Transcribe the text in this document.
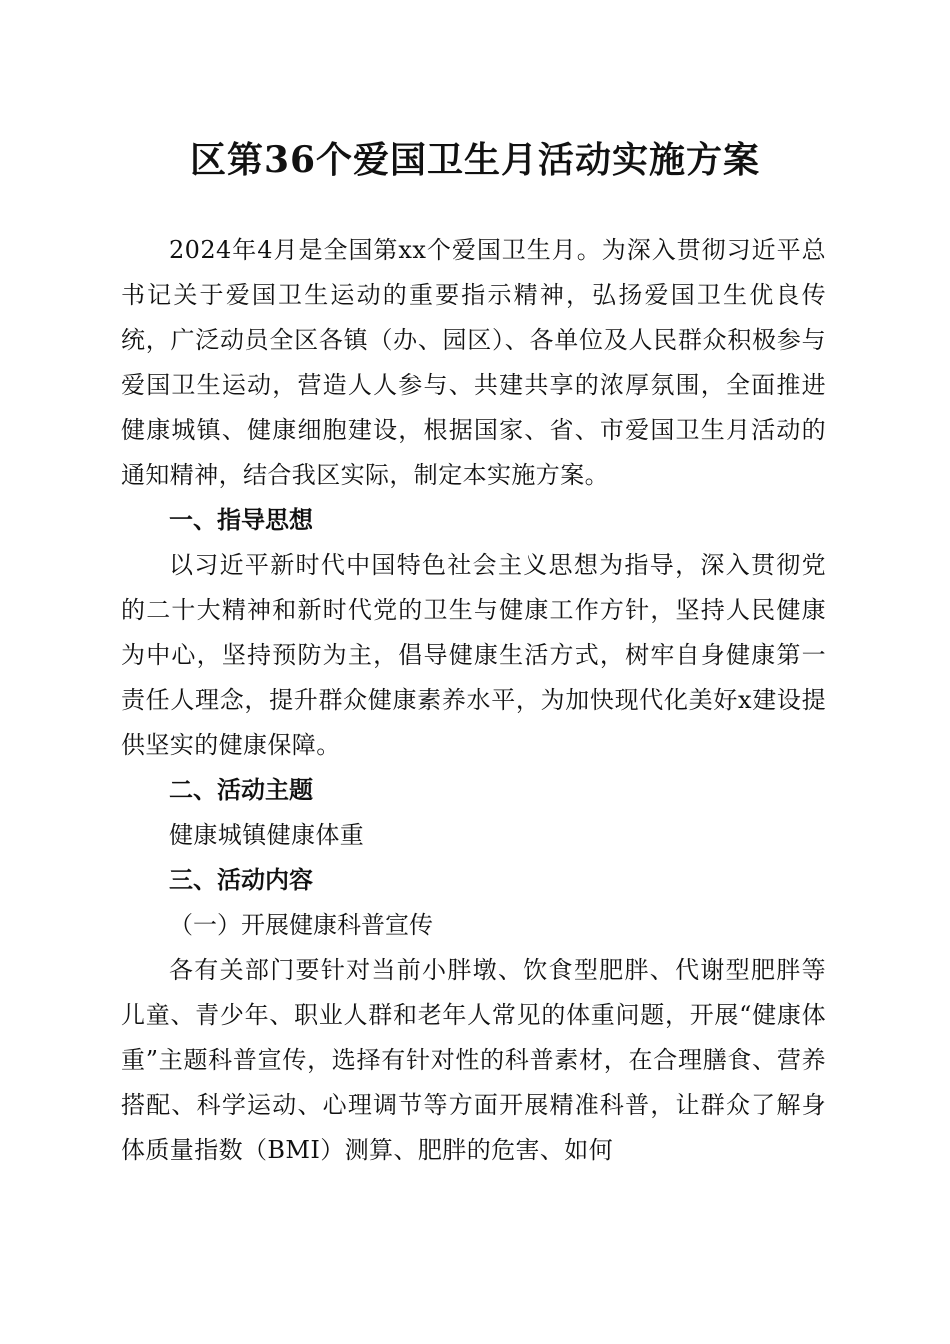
区第36个爱国卫生月活动实施方案

2024年4月是全国第xx个爱国卫生月。为深入贯彻习近平总书记关于爱国卫生运动的重要指示精神，弘扬爱国卫生优良传统，广泛动员全区各镇（办、园区）、各单位及人民群众积极参与爱国卫生运动，营造人人参与、共建共享的浓厚氛围，全面推进健康城镇、健康细胞建设，根据国家、省、市爱国卫生月活动的通知精神，结合我区实际，制定本实施方案。

一、指导思想

以习近平新时代中国特色社会主义思想为指导，深入贯彻党的二十大精神和新时代党的卫生与健康工作方针，坚持人民健康为中心，坚持预防为主，倡导健康生活方式，树牢自身健康第一责任人理念，提升群众健康素养水平，为加快现代化美好x建设提供坚实的健康保障。

二、活动主题

健康城镇健康体重

三、活动内容

（一）开展健康科普宣传

各有关部门要针对当前小胖墩、饮食型肥胖、代谢型肥胖等儿童、青少年、职业人群和老年人常见的体重问题，开展“健康体重”主题科普宣传，选择有针对性的科普素材，在合理膳食、营养搭配、科学运动、心理调节等方面开展精准科普，让群众了解身体质量指数（BMI）测算、肥胖的危害、如何
